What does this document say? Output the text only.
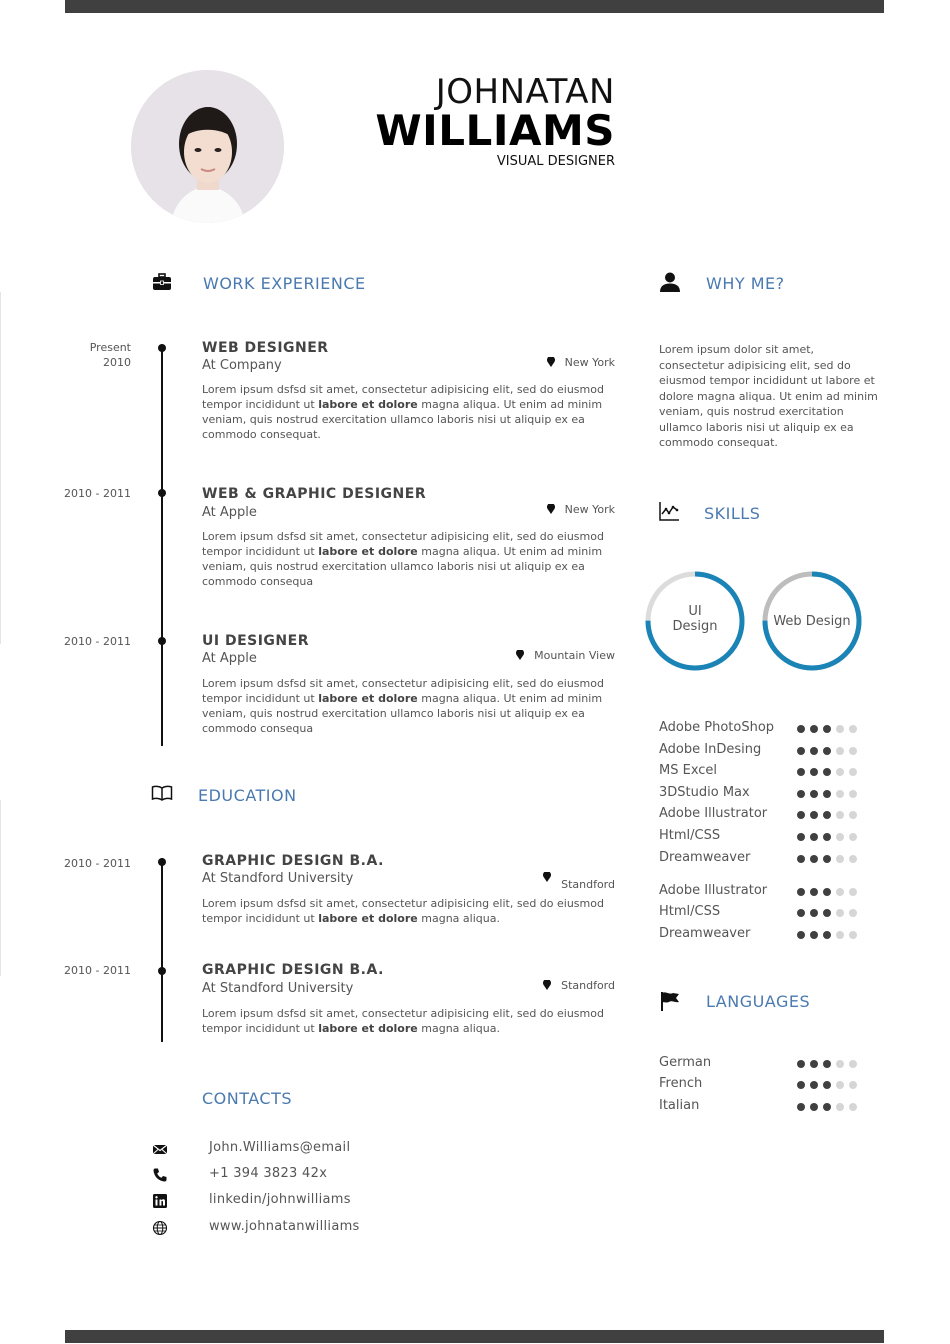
JOHNATAN
WILLIAMS
VISUAL DESIGNER
WORK EXPERIENCE
Present
2010
WEB DESIGNER
At Company	New York
Lorem ipsum dsfsd sit amet, consectetur adipisicing elit, sed do eiusmod tempor incididunt ut labore et dolore magna aliqua. Ut enim ad minim veniam, quis nostrud exercitation ullamco laboris nisi ut aliquip ex ea commodo consequat.
2010 - 2011	WEB & GRAPHIC DESIGNER
At Apple	New York
Lorem ipsum dsfsd sit amet, consectetur adipisicing elit, sed do eiusmod tempor incididunt ut labore et dolore magna aliqua. Ut enim ad minim veniam, quis nostrud exercitation ullamco laboris nisi ut aliquip ex ea commodo consequa
2010 - 2011	UI DESIGNER
At Apple	Mountain View
Lorem ipsum dsfsd sit amet, consectetur adipisicing elit, sed do eiusmod tempor incididunt ut labore et dolore magna aliqua. Ut enim ad minim veniam, quis nostrud exercitation ullamco laboris nisi ut aliquip ex ea commodo consequa
EDUCATION
2010 - 2011	GRAPHIC DESIGN B.A.
At Standford University	Standford
Lorem ipsum dsfsd sit amet, consectetur adipisicing elit, sed do eiusmod tempor incididunt ut labore et dolore magna aliqua.
2010 - 2011	GRAPHIC DESIGN B.A.
At Standford University	Standford
Lorem ipsum dsfsd sit amet, consectetur adipisicing elit, sed do eiusmod tempor incididunt ut labore et dolore magna aliqua.
CONTACTS
John.Williams@email
+1 394 3823 42x
linkedin/johnwilliams
www.johnatanwilliams
WHY ME?
Lorem ipsum dolor sit amet, consectetur adipisicing elit, sed do eiusmod tempor incididunt ut labore et dolore magna aliqua. Ut enim ad minim veniam, quis nostrud exercitation ullamco laboris nisi ut aliquip ex ea commodo consequat.
SKILLS
UI
Design	Web Design
Adobe PhotoShop
Adobe InDesing
MS Excel
3DStudio Max
Adobe Illustrator
Html/CSS
Dreamweaver
Adobe Illustrator
Html/CSS
Dreamweaver
LANGUAGES
German
French
Italian
